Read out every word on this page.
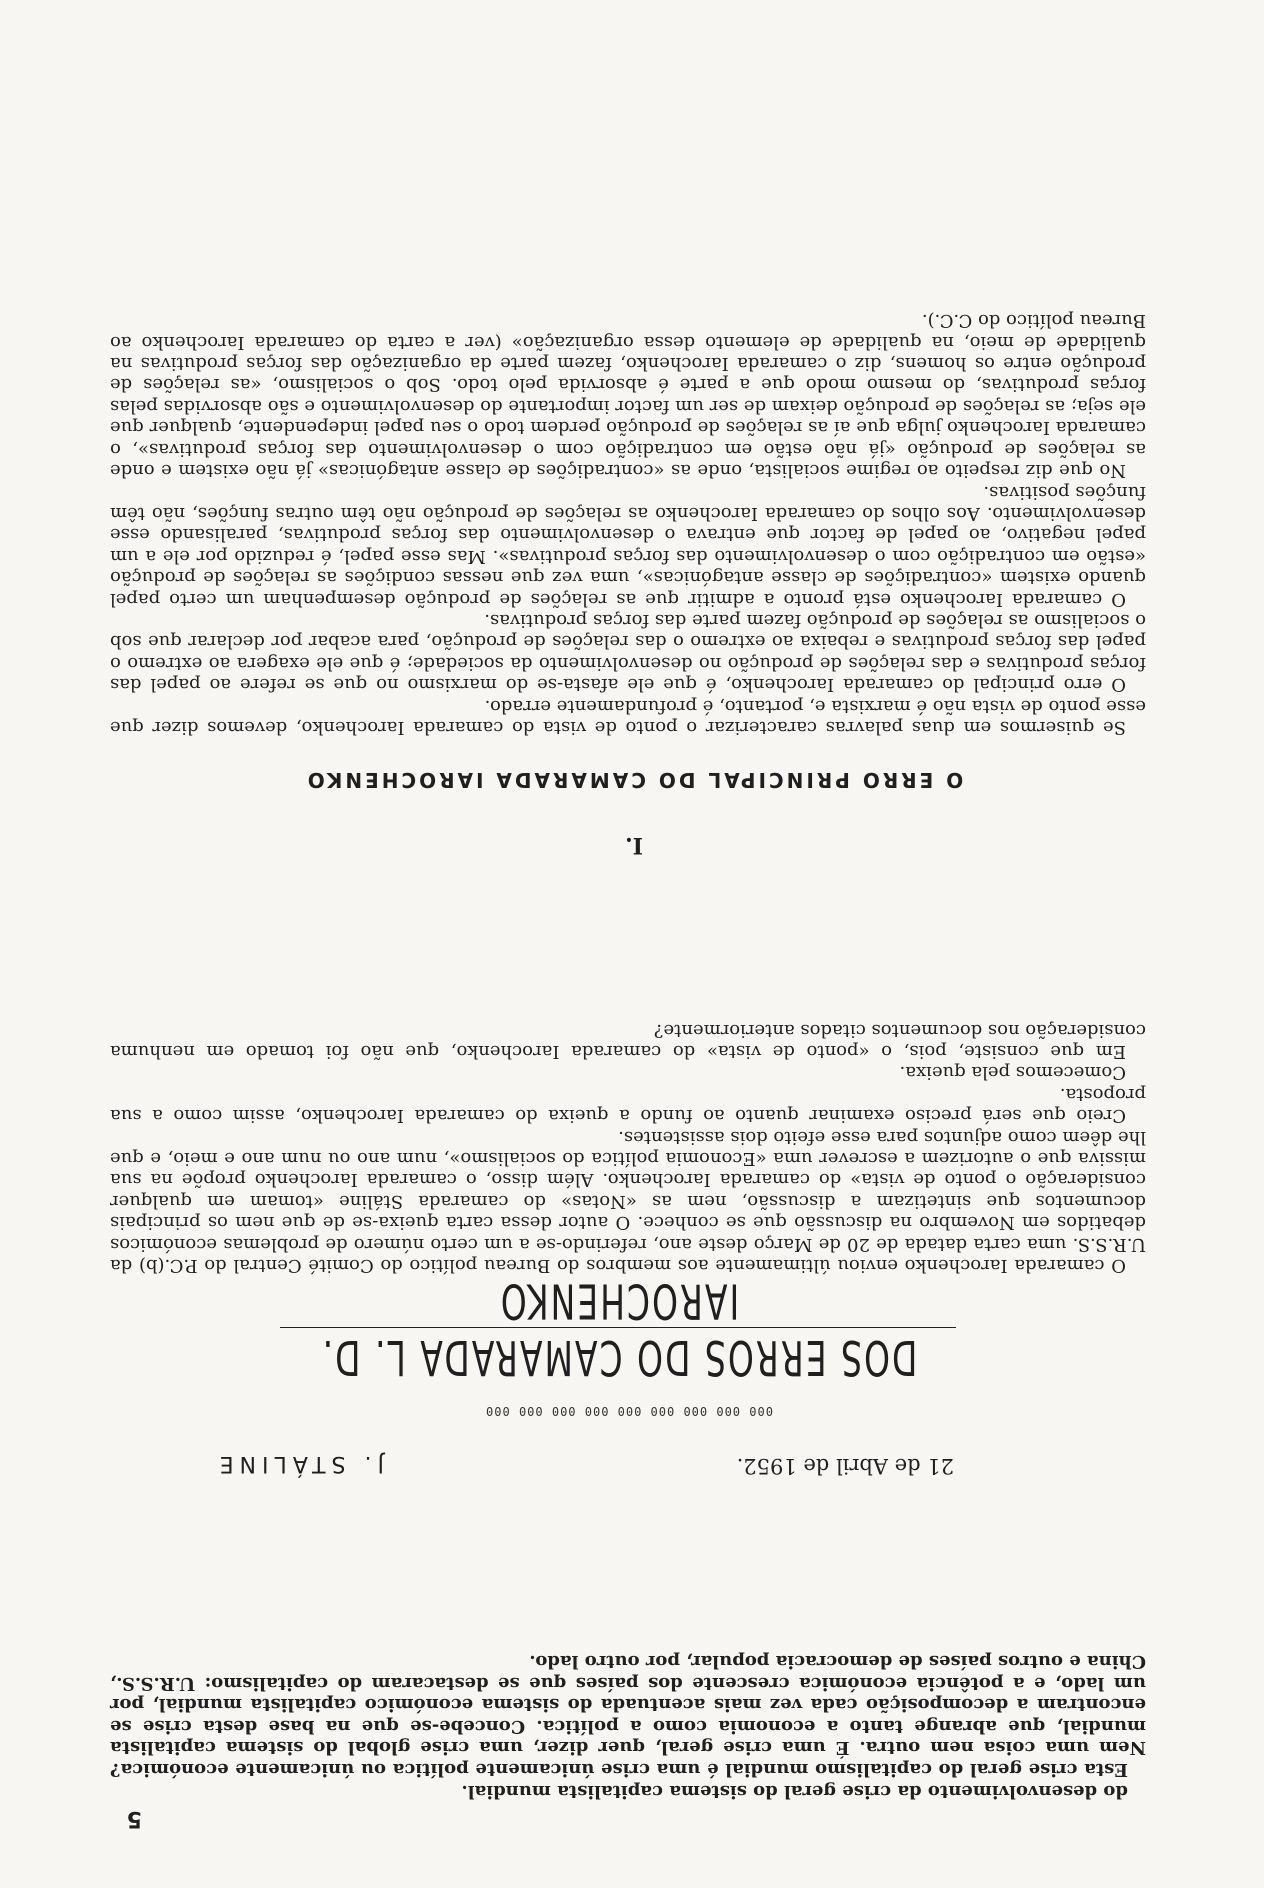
5

do desenvolvimento da crise geral do sistema capitalista mundial.

Esta crise geral do capitalismo mundial é uma crise únicamente política ou únicamente económica? Nem uma coisa nem outra. É uma crise geral, quer dizer, uma crise global do sistema capitalista mundial, que abrange tanto a economia como a política. Concebe-se que na base desta crise se encontram a decomposição cada vez mais acentuada do sistema económico capitalista mundial, por um lado, e a potência económica crescente dos países que se destacaram do capitalismo: U.R.S.S., China e outros países de democracia popular, por outro lado.

21 de Abril de 1952.
J. STÁLINE
000 000 000 000 000 000 000 000 000
DOS ERROS DO CAMARADA L. D. IAROCHENKO

O camarada Iarochenko enviou últimamente aos membros do Bureau político do Comité Central do P.C.(b) da U.R.S.S. uma carta datada de 20 de Março deste ano, referindo-se a um certo número de problemas económicos debatidos em Novembro na discussão que se conhece. O autor dessa carta queixa-se de que nem os principais documentos que sintetizam a discussão, nem as «Notas» do camarada Stáline «tomam em qualquer consideração o ponto de vista» do camarada Iarochenko. Além disso, o camarada Iarochenko propõe na sua missiva que o autorizem a escrever uma «Economia política do socialismo», num ano ou num ano e meio, e que lhe dêem como adjuntos para esse efeito dois assistentes.

Creio que será preciso examinar quanto ao fundo a queixa do camarada Iarochenko, assim como a sua proposta.

Comecemos pela queixa.

Em que consiste, pois, o «ponto de vista» do camarada Iarochenko, que não foi tomado em nenhuma consideração nos documentos citados anteriormente?

I.
O ERRO PRINCIPAL DO CAMARADA IAROCHENKO

Se quisermos em duas palavras caracterizar o ponto de vista do camarada Iarochenko, devemos dizer que esse ponto de vista não é marxista e, portanto, é profundamente errado.

O erro principal do camarada Iarochenko, é que ele afasta-se do marxismo no que se refere ao papel das forças produtivas e das relações de produção no desenvolvimento da sociedade; é que ele exagera ao extremo o papel das forças produtivas e rebaixa ao extremo o das relações de produção, para acabar por declarar que sob o socialismo as relações de produção fazem parte das forças produtivas.

O camarada Iarochenko está pronto a admitir que as relações de produção desempenham um certo papel quando existem «contradições de classe antagónicas», uma vez que nessas condições as relações de produção «estão em contradição com o desenvolvimento das forças produtivas». Mas esse papel, é reduzido por ele a um papel negativo, ao papel de factor que entrava o desenvolvimento das forças produtivas, paralisando esse desenvolvimento. Aos olhos do camarada Iarochenko as relações de produção não têm outras funções, não têm funções positivas.

No que diz respeito ao regime socialista, onde as «contradições de classe antagónicas» já não existem e onde as relações de produção «já não estão em contradição com o desenvolvimento das forças produtivas», o camarada Iarochenko julga que aí as relações de produção perdem todo o seu papel independente, qualquer que ele seja; as relações de produção deixam de ser um factor importante do desenvolvimento e são absorvidas pelas forças produtivas, do mesmo modo que a parte é absorvida pelo todo. Sob o socialismo, «as relações de produção entre os homens, diz o camarada Iarochenko, fazem parte da organização das forças produtivas na qualidade de meio, na qualidade de elemento dessa organização» (ver a carta do camarada Iarochenko ao Bureau político do C.C.).
